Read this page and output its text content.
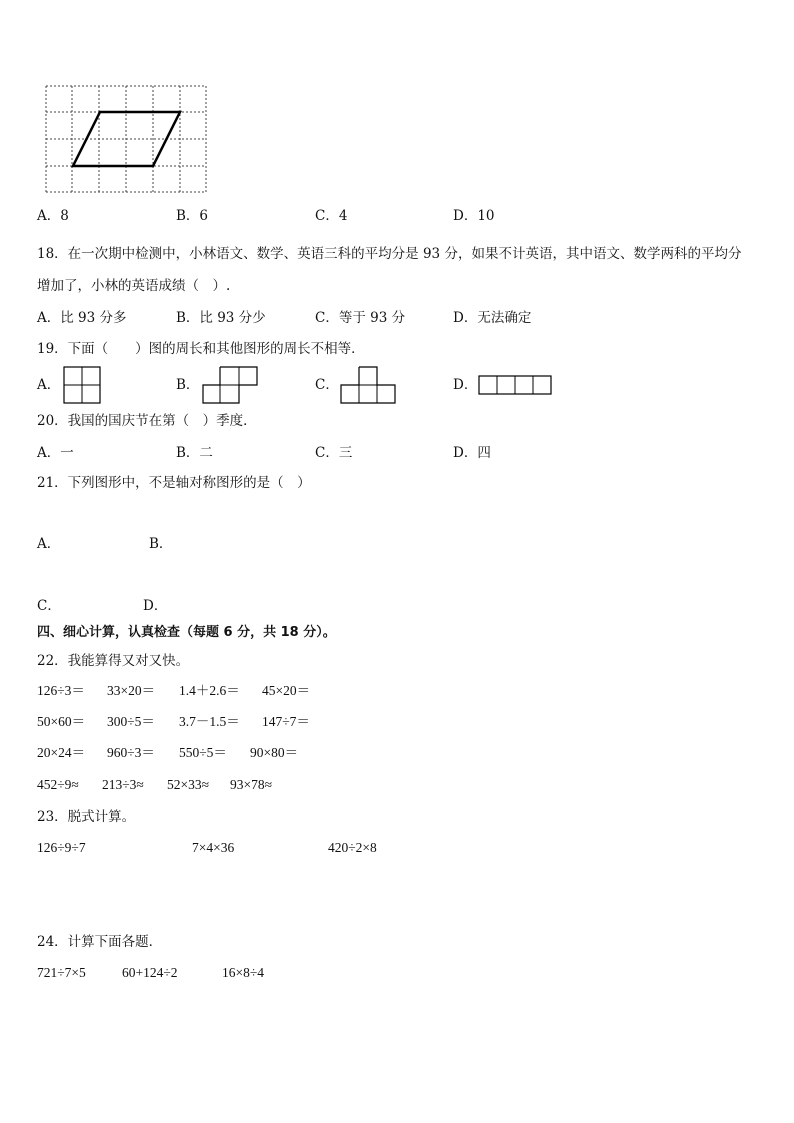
A．8	B．6	C．4	D．10
18．在一次期中检测中，小林语文、数学、英语三科的平均分是 93 分，如果不计英语，其中语文、数学两科的平均分
增加了，小林的英语成绩（　）.
A．比 93 分多	B．比 93 分少	C．等于 93 分	D．无法确定
19．下面（　　）图的周长和其他图形的周长不相等．
A．	B．	C．	D．
20．我国的国庆节在第（　）季度．
A．一	B．二	C．三	D．四
21．下列图形中，不是轴对称图形的是（　）
A．	B．
C．	D．
四、细心计算，认真检查（每题 6 分，共 18 分）。
22．我能算得又对又快。
126÷3＝ 33×20＝ 1.4＋2.6＝ 45×20＝
50×60＝ 300÷5＝ 3.7－1.5＝ 147÷7＝
20×24＝ 960÷3＝ 550÷5＝ 90×80＝
452÷9≈ 213÷3≈ 52×33≈ 93×78≈
23．脱式计算。
126÷9÷7	7×4×36	420÷2×8
24．计算下面各题．
721÷7×5	60+124÷2	16×8÷4
